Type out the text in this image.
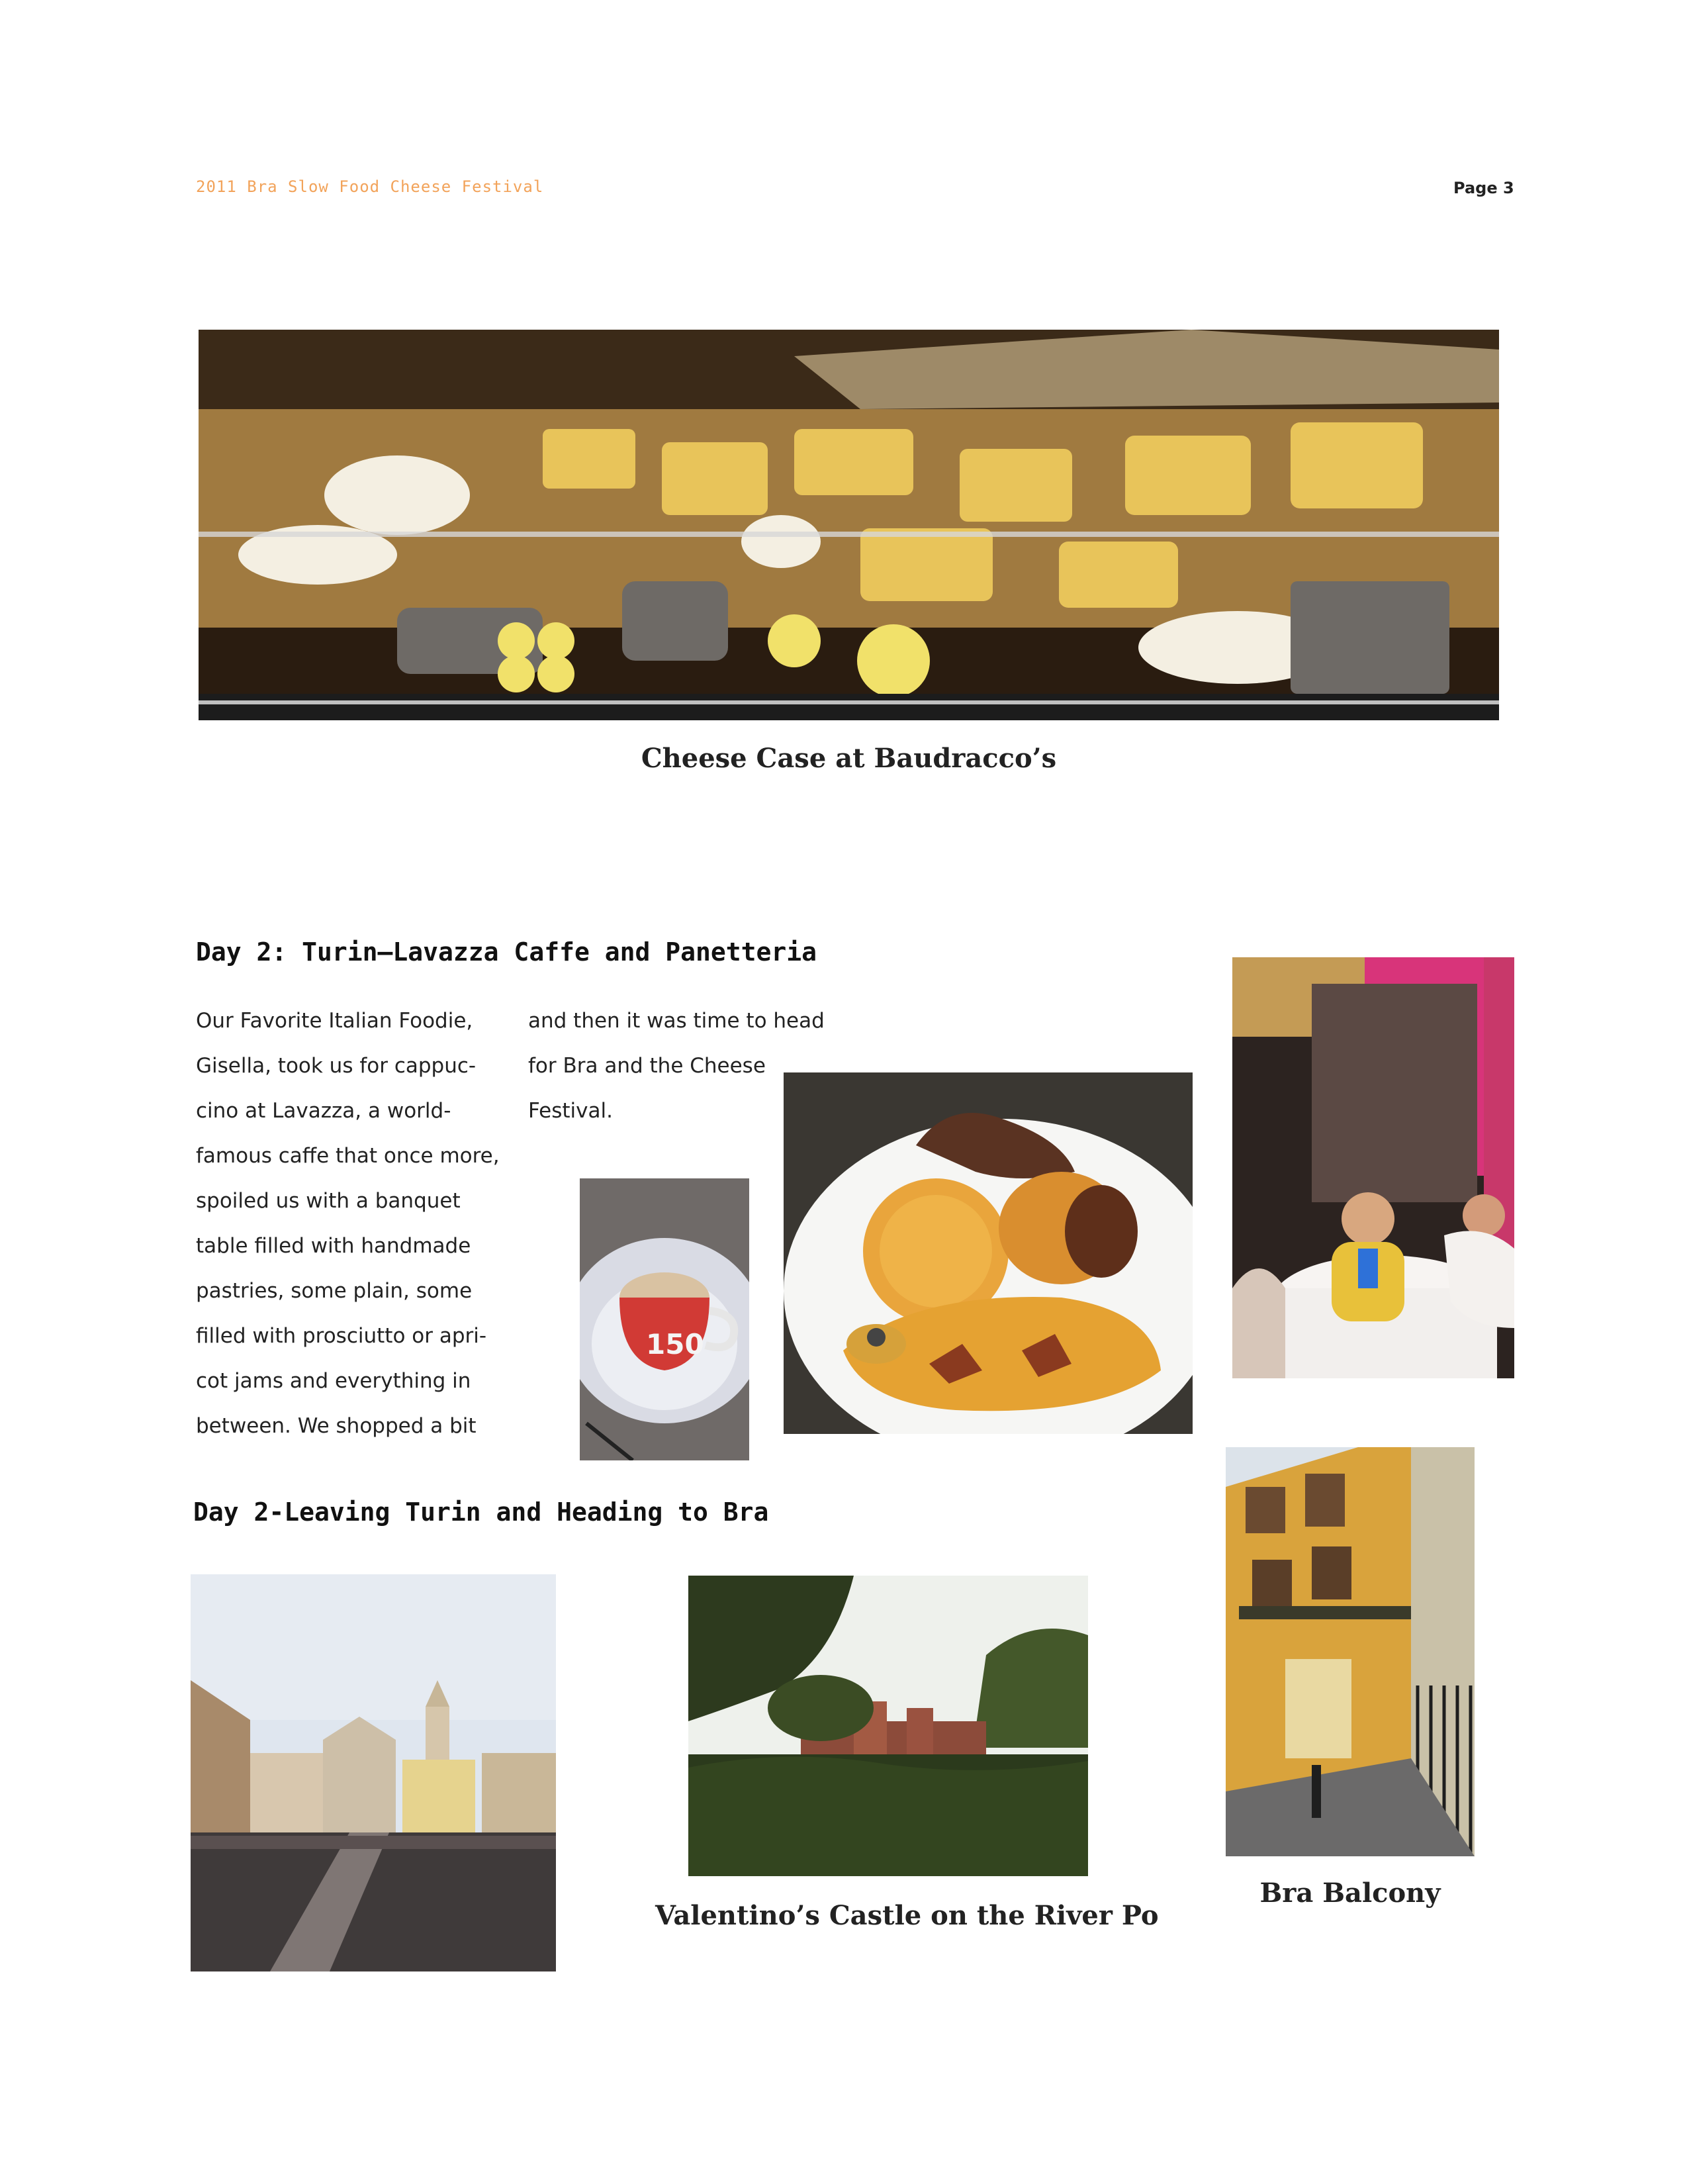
2011 Bra Slow Food Cheese Festival	Page 3
Cheese Case at Baudracco’s
Day 2: Turin–Lavazza Caffe and Panetteria
Our Favorite Italian Foodie,
Gisella, took us for cappuc-
cino at Lavazza, a world-
famous caffe that once more,
spoiled us with a banquet
table filled with handmade
pastries, some plain, some
filled with prosciutto or apri-
cot jams and everything in
between. We shopped a bit
and then it was time to head
for Bra and the Cheese
Festival.
150
Day 2-Leaving Turin and Heading to Bra
Valentino’s Castle on the River Po
Bra Balcony
